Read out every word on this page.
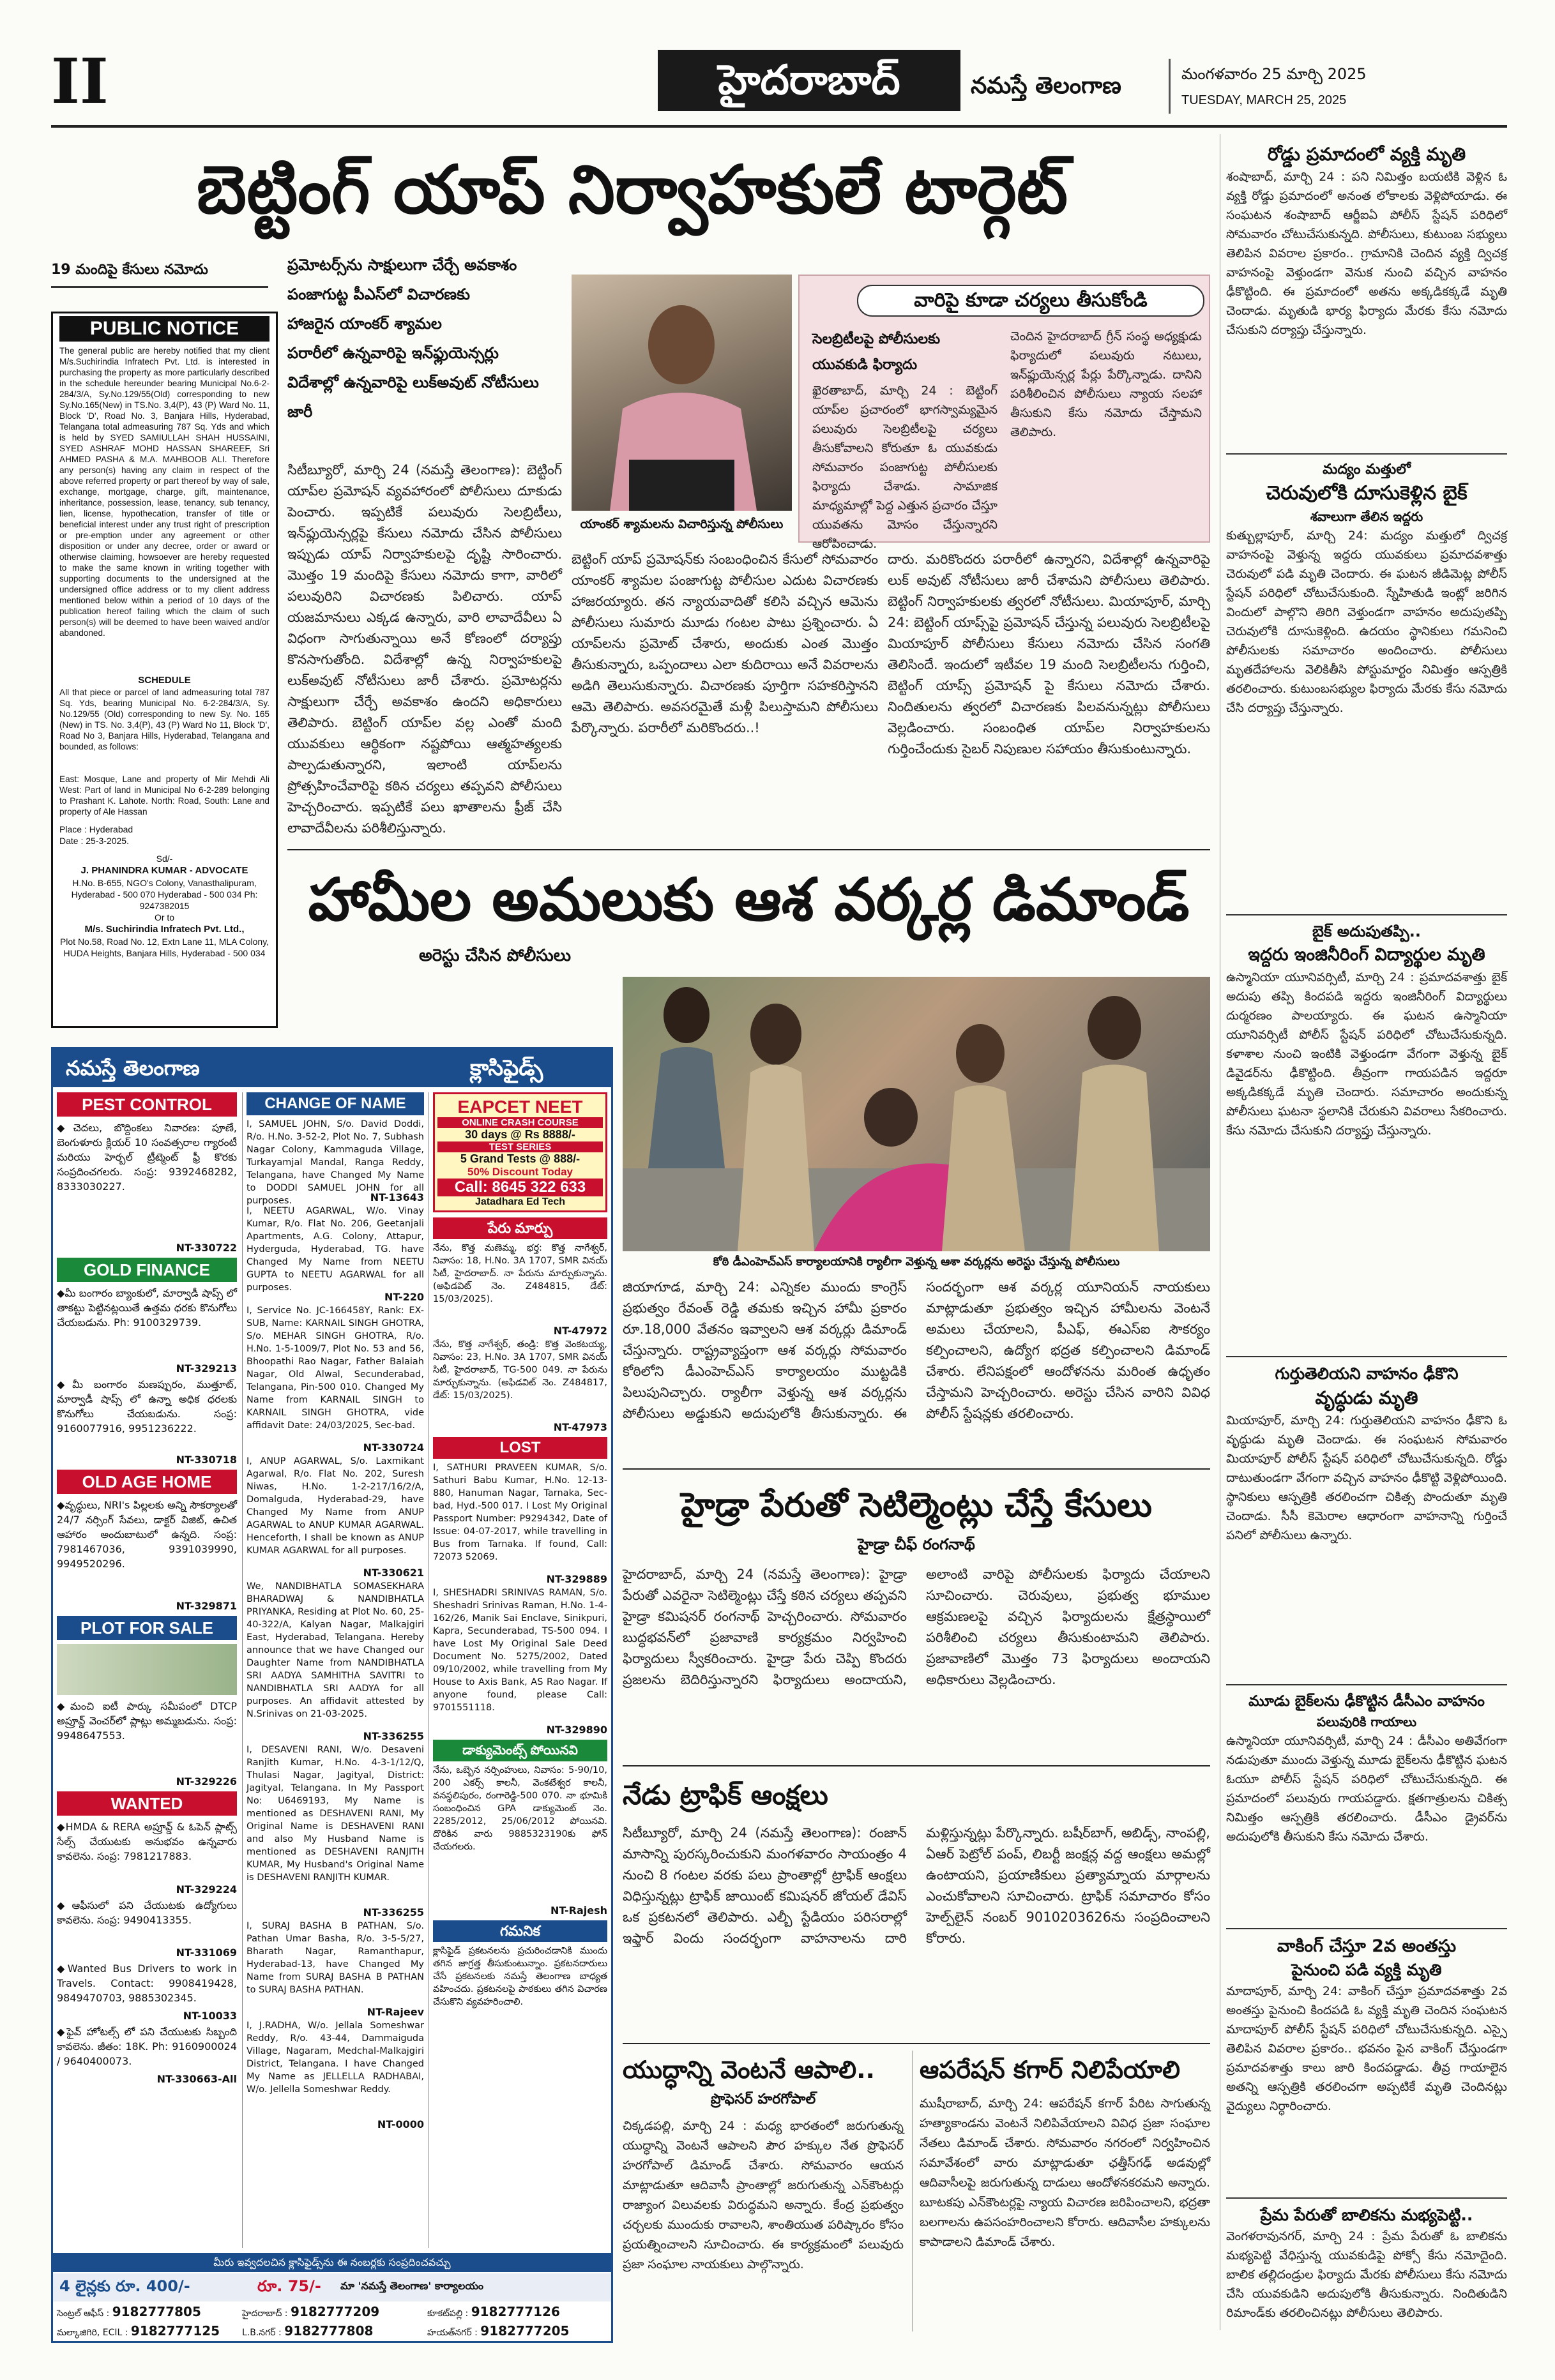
II	హైదరాబాద్	నమస్తే తెలంగాణ	మంగళవారం 25 మార్చి 2025
TUESDAY, MARCH 25, 2025
బెట్టింగ్ యాప్ నిర్వాహకులే టార్గెట్
19 మందిపై కేసులు నమోదు	ప్రమోటర్స్‌ను సాక్షులుగా చేర్చే అవకాశం
పంజాగుట్ట పీఎస్‌లో విచారణకు
హాజరైన యాంకర్ శ్యామల
పరారీలో ఉన్నవారిపై ఇన్‌ఫ్లుయెన్సర్లు
విదేశాల్లో ఉన్నవారిపై లుక్‌అవుట్ నోటీసులు జారీ
యాంకర్ శ్యామలను విచారిస్తున్న పోలీసులు
వారిపై కూడా చర్యలు తీసుకోండి
సెలబ్రిటీలపై పోలీసులకు యువకుడి ఫిర్యాదు
ఖైరతాబాద్, మార్చి 24 : బెట్టింగ్ యాప్‌ల ప్రచారంలో భాగస్వామ్యమైన పలువురు సెలబ్రిటీలపై చర్యలు తీసుకోవాలని కోరుతూ ఓ యువకుడు సోమవారం పంజాగుట్ట పోలీసులకు ఫిర్యాదు చేశాడు. సామాజిక మాధ్యమాల్లో పెద్ద ఎత్తున ప్రచారం చేస్తూ యువతను మోసం చేస్తున్నారని ఆరోపించాడు.
చెందిన హైదరాబాద్ గ్రీన్ సంస్థ అధ్యక్షుడు ఫిర్యాదులో పలువురు నటులు, ఇన్‌ఫ్లుయెన్సర్ల పేర్లు పేర్కొన్నాడు. దానిని పరిశీలించిన పోలీసులు న్యాయ సలహా తీసుకుని కేసు నమోదు చేస్తామని తెలిపారు.
సిటీబ్యూరో, మార్చి 24 (నమస్తే తెలంగాణ): బెట్టింగ్ యాప్‌ల ప్రమోషన్ వ్యవహారంలో పోలీసులు దూకుడు పెంచారు. ఇప్పటికే పలువురు సెలబ్రిటీలు, ఇన్‌ఫ్లుయెన్సర్లపై కేసులు నమోదు చేసిన పోలీసులు ఇప్పుడు యాప్ నిర్వాహకులపై దృష్టి సారించారు. మొత్తం 19 మందిపై కేసులు నమోదు కాగా, వారిలో పలువురిని విచారణకు పిలిచారు. యాప్ యజమానులు ఎక్కడ ఉన్నారు, వారి లావాదేవీలు ఏ విధంగా సాగుతున్నాయి అనే కోణంలో దర్యాప్తు కొనసాగుతోంది. విదేశాల్లో ఉన్న నిర్వాహకులపై లుక్‌అవుట్ నోటీసులు జారీ చేశారు. ప్రమోటర్లను సాక్షులుగా చేర్చే అవకాశం ఉందని అధికారులు తెలిపారు. బెట్టింగ్ యాప్‌ల వల్ల ఎంతో మంది యువకులు ఆర్థికంగా నష్టపోయి ఆత్మహత్యలకు పాల్పడుతున్నారని, ఇలాంటి యాప్‌లను ప్రోత్సహించేవారిపై కఠిన చర్యలు తప్పవని పోలీసులు హెచ్చరించారు. ఇప్పటికే పలు ఖాతాలను ఫ్రీజ్ చేసి లావాదేవీలను పరిశీలిస్తున్నారు.
బెట్టింగ్ యాప్ ప్రమోషన్‌కు సంబంధించిన కేసులో సోమవారం యాంకర్ శ్యామల పంజాగుట్ట పోలీసుల ఎదుట విచారణకు హాజరయ్యారు. తన న్యాయవాదితో కలిసి వచ్చిన ఆమెను పోలీసులు సుమారు మూడు గంటల పాటు ప్రశ్నించారు. ఏ యాప్‌లను ప్రమోట్ చేశారు, అందుకు ఎంత మొత్తం తీసుకున్నారు, ఒప్పందాలు ఎలా కుదిరాయి అనే వివరాలను అడిగి తెలుసుకున్నారు. విచారణకు పూర్తిగా సహకరిస్తానని ఆమె తెలిపారు. అవసరమైతే మళ్లీ పిలుస్తామని పోలీసులు పేర్కొన్నారు. పరారీలో మరికొందరు..!
దారు. మరికొందరు పరారీలో ఉన్నారని, విదేశాల్లో ఉన్నవారిపై లుక్ అవుట్ నోటీసులు జారీ చేశామని పోలీసులు తెలిపారు. బెట్టింగ్ నిర్వాహకులకు త్వరలో నోటీసులు. మియాపూర్, మార్చి 24: బెట్టింగ్ యాప్స్‌పై ప్రమోషన్ చేస్తున్న పలువురు సెలబ్రిటీలపై మియాపూర్ పోలీసులు కేసులు నమోదు చేసిన సంగతి తెలిసిందే. ఇందులో ఇటీవల 19 మంది సెలబ్రిటీలను గుర్తించి, బెట్టింగ్ యాప్స్ ప్రమోషన్ పై కేసులు నమోదు చేశారు. నిందితులను త్వరలో విచారణకు పిలవనున్నట్లు పోలీసులు వెల్లడించారు. సంబంధిత యాప్‌ల నిర్వాహకులను గుర్తించేందుకు సైబర్ నిపుణుల సహాయం తీసుకుంటున్నారు.
PUBLIC NOTICE
The general public are hereby notified that my client M/s.Suchirindia Infratech Pvt. Ltd. is interested in purchasing the property as more particularly described in the schedule hereunder bearing Municipal No.6-2-284/3/A, Sy.No.129/55(Old) corresponding to new Sy.No.165(New) in TS.No. 3,4(P), 43 (P) Ward No. 11, Block 'D', Road No. 3, Banjara Hills, Hyderabad, Telangana total admeasuring 787 Sq. Yds and which is held by SYED SAMIULLAH SHAH HUSSAINI, SYED ASHRAF MOHD HASSAN SHAREEF, Sri AHMED PASHA & M.A. MAHBOOB ALI. Therefore any person(s) having any claim in respect of the above referred property or part thereof by way of sale, exchange, mortgage, charge, gift, maintenance, inheritance, possession, lease, tenancy, sub tenancy, lien, license, hypothecation, transfer of title or beneficial interest under any trust right of prescription or pre-emption under any agreement or other disposition or under any decree, order or award or otherwise claiming, howsoever are hereby requested to make the same known in writing together with supporting documents to the undersigned at the undersigned office address or to my client address mentioned below within a period of 10 days of the publication hereof failing which the claim of such person(s) will be deemed to have been waived and/or abandoned.
SCHEDULE
All that piece or parcel of land admeasuring total 787 Sq. Yds, bearing Municipal No. 6-2-284/3/A, Sy. No.129/55 (Old) corresponding to new Sy. No. 165 (New) in TS. No. 3,4(P), 43 (P) Ward No 11, Block 'D', Road No 3, Banjara Hills, Hyderabad, Telangana and bounded, as follows:
East: Mosque, Lane and property of Mir Mehdi Ali West: Part of land in Municipal No 6-2-289 belonging to Prashant K. Lahote. North: Road, South: Lane and property of Ale Hassan
Place : Hyderabad
Date : 25-3-2025.
Sd/-
J. PHANINDRA KUMAR - ADVOCATE
H.No. B-655, NGO's Colony, Vanasthalipuram, Hyderabad - 500 070 Hyderabad - 500 034 Ph: 9247382015
Or to
M/s. Suchirindia Infratech Pvt. Ltd.,
Plot No.58, Road No. 12, Extn Lane 11, MLA Colony, HUDA Heights, Banjara Hills, Hyderabad - 500 034
హామీల అమలుకు ఆశ వర్కర్ల డిమాండ్
అరెస్టు చేసిన పోలీసులు
కోఠి డీఎంహెచ్ఎస్ కార్యాలయానికి ర్యాలీగా వెళ్తున్న ఆశా వర్కర్లను అరెస్టు చేస్తున్న పోలీసులు
జియాగూడ, మార్చి 24: ఎన్నికల ముందు కాంగ్రెస్ ప్రభుత్వం రేవంత్ రెడ్డి తమకు ఇచ్చిన హామీ ప్రకారం రూ.18,000 వేతనం ఇవ్వాలని ఆశ వర్కర్లు డిమాండ్ చేస్తున్నారు. రాష్ట్రవ్యాప్తంగా ఆశ వర్కర్లు సోమవారం కోఠిలోని డీఎంహెచ్ఎస్ కార్యాలయం ముట్టడికి పిలుపునిచ్చారు. ర్యాలీగా వెళ్తున్న ఆశ వర్కర్లను పోలీసులు అడ్డుకుని అదుపులోకి తీసుకున్నారు. ఈ సందర్భంగా ఆశ వర్కర్ల యూనియన్ నాయకులు మాట్లాడుతూ ప్రభుత్వం ఇచ్చిన హామీలను వెంటనే అమలు చేయాలని, పీఎఫ్, ఈఎస్ఐ సౌకర్యం కల్పించాలని, ఉద్యోగ భద్రత కల్పించాలని డిమాండ్ చేశారు. లేనిపక్షంలో ఆందోళనను మరింత ఉధృతం చేస్తామని హెచ్చరించారు. అరెస్టు చేసిన వారిని వివిధ పోలీస్ స్టేషన్లకు తరలించారు.
నమస్తే తెలంగాణ	క్లాసిఫైడ్స్
PEST CONTROL
◆చెదలు, బొద్దింకలు నివారణ: పూణే, బెంగుళూరు క్లియర్ 10 సంవత్సరాల గ్యారంటీ మరియు హెర్బల్ ట్రీట్మెంట్ ఫ్రీ కొరకు సంప్రదించగలరు. సంప్ర: 9392468282, 8333030227.
NT-330722
GOLD FINANCE
◆మీ బంగారం బ్యాంకులో, మార్వాడీ షాప్స్ లో తాకట్టు పెట్టినట్లయితే ఉత్తమ ధరకు కొనుగోలు చేయబడును. Ph: 9100329739.
NT-329213
◆మీ బంగారం మణప్పురం, ముత్తూట్, మార్వాడీ షాప్స్ లో ఉన్నా అధిక ధరలకు కొనుగోలు చేయబడును. సంప్ర: 9160077916, 9951236222.
NT-330718
OLD AGE HOME
◆వృద్ధులు, NRI's పిల్లలకు అన్ని సౌకర్యాలతో 24/7 నర్సింగ్ సేవలు, డాక్టర్ విజిట్, ఉచిత ఆహారం అందుబాటులో ఉన్నది. సంప్ర: 7981467036, 9391039990, 9949520296.
NT-329871
PLOT FOR SALE
◆మంచి ఐటీ పార్కు సమీపంలో DTCP అప్రూవ్డ్ వెంచర్‌లో ప్లాట్లు అమ్మబడును. సంప్ర: 9948647553.
NT-329226
WANTED
◆HMDA & RERA అప్రూవ్డ్ & ఓపెన్ ప్లాట్స్ సేల్స్ చేయుటకు అనుభవం ఉన్నవారు కావలెను. సంప్ర: 7981217883.
NT-329224
◆ఆఫీసులో పని చేయుటకు ఉద్యోగులు కావలెను. సంప్ర: 9490413355.
NT-331069
◆Wanted Bus Drivers to work in Travels. Contact: 9908419428, 9849470703, 9885302345.
NT-10033
◆ఫైవ్ హోటల్స్ లో పని చేయుటకు సిబ్బంది కావలెను. జీతం: 18K. Ph: 9160900024 / 9640400073.
NT-330663-All
CHANGE OF NAME
I, SAMUEL JOHN, S/o. David Doddi, R/o. H.No. 3-52-2, Plot No. 7, Subhash Nagar Colony, Kammaguda Village, Turkayamjal Mandal, Ranga Reddy, Telangana, have Changed My Name to DODDI SAMUEL JOHN for all purposes.	NT-13643
I, NEETU AGARWAL, W/o. Vinay Kumar, R/o. Flat No. 206, Geetanjali Apartments, A.G. Colony, Attapur, Hyderguda, Hyderabad, TG. have Changed My Name from NEETU GUPTA to NEETU AGARWAL for all purposes.
NT-220
I, Service No. JC-166458Y, Rank: EX-SUB, Name: KARNAIL SINGH GHOTRA, S/o. MEHAR SINGH GHOTRA, R/o. H.No. 1-5-1009/7, Plot No. 53 and 56, Bhoopathi Rao Nagar, Father Balaiah Nagar, Old Alwal, Secunderabad, Telangana, Pin-500 010. Changed My Name from KARNAIL SINGH to KARNAIL SINGH GHOTRA, vide affidavit Date: 24/03/2025, Sec-bad.
NT-330724
I, ANUP AGARWAL, S/o. Laxmikant Agarwal, R/o. Flat No. 202, Suresh Niwas, H.No. 1-2-217/16/2/A, Domalguda, Hyderabad-29, have Changed My Name from ANUP AGARWAL to ANUP KUMAR AGARWAL. Henceforth, I shall be known as ANUP KUMAR AGARWAL for all purposes.
NT-330621
We, NANDIBHATLA SOMASEKHARA BHARADWAJ & NANDIBHATLA PRIYANKA, Residing at Plot No. 60, 25-40-322/A, Kalyan Nagar, Malkajgiri East, Hyderabad, Telangana. Hereby announce that we have Changed our Daughter Name from NANDIBHATLA SRI AADYA SAMHITHA SAVITRI to NANDIBHATLA SRI AADYA for all purposes. An affidavit attested by N.Srinivas on 21-03-2025.
NT-336255
I, DESAVENI RANI, W/o. Desaveni Ranjith Kumar, H.No. 4-3-1/12/Q, Thulasi Nagar, Jagityal, District: Jagityal, Telangana. In My Passport No: U6469193, My Name is mentioned as DESHAVENI RANI, My Original Name is DESHAVENI RANI and also My Husband Name is mentioned as DESHAVENI RANJITH KUMAR, My Husband's Original Name is DESHAVENI RANJITH KUMAR.
NT-336255
I, SURAJ BASHA B PATHAN, S/o. Pathan Umar Basha, R/o. 3-5-5/27, Bharath Nagar, Ramanthapur, Hyderabad-13, have Changed My Name from SURAJ BASHA B PATHAN to SURAJ BASHA PATHAN.
NT-Rajeev
I, J.RADHA, W/o. Jellala Someshwar Reddy, R/o. 43-44, Dammaiguda Village, Nagaram, Medchal-Malkajgiri District, Telangana. I have Changed My Name as JELLELLA RADHABAI, W/o. Jellella Someshwar Reddy.
NT-0000
EAPCET NEET
ONLINE CRASH COURSE
30 days @ Rs 8888/-
TEST SERIES
5 Grand Tests @ 888/-
50% Discount Today
Call: 8645 322 633
Jatadhara Ed Tech
పేరు మార్పు
నేను, కొత్త మణెమ్మ, భర్త: కొత్త నాగేశ్వర్, నివాసం: 18, H.No. 3A 1707, SMR వినయ్ సిటీ, హైదరాబాద్. నా పేరును మార్చుకున్నాను. (అఫిడవిట్ నెం. Z484815, డేట్: 15/03/2025).
NT-47972
నేను, కొత్త నాగేశ్వర్, తండ్రి: కొత్త వెంకటయ్య, నివాసం: 23, H.No. 3A 1707, SMR వినయ్ సిటీ, హైదరాబాద్, TG-500 049. నా పేరును మార్చుకున్నాను. (అఫిడవిట్ నెం. Z484817, డేట్: 15/03/2025).
NT-47973
LOST
I, SATHURI PRAVEEN KUMAR, S/o. Sathuri Babu Kumar, H.No. 12-13-880, Hanuman Nagar, Tarnaka, Sec-bad, Hyd.-500 017. I Lost My Original Passport Number: P9294342, Date of Issue: 04-07-2017, while travelling in Bus from Tarnaka. If found, Call: 72073 52069.
NT-329889
I, SHESHADRI SRINIVAS RAMAN, S/o. Sheshadri Srinivas Raman, H.No. 1-4-162/26, Manik Sai Enclave, Sinikpuri, Kapra, Secunderabad, TS-500 094. I have Lost My Original Sale Deed Document No. 5275/2002, Dated 09/10/2002, while travelling from My House to Axis Bank, AS Rao Nagar. If anyone found, please Call: 9701551118.
NT-329890
డాక్యుమెంట్స్ పోయినవి
నేను, ఒబ్బెన నర్సింహులు, నివాసం: 5-90/10, 200 ఎకర్స్ కాలనీ, వెంకటేశ్వర కాలనీ, వనస్థలిపురం, రంగారెడ్డి-500 070. నా భూమికి సంబంధించిన GPA డాక్యుమెంట్ నెం. 2285/2012, 25/06/2012 పోయినవి. దొరికిన వారు 9885323190కు ఫోన్ చేయగలరు.
NT-Rajesh
గమనిక
క్లాసిఫైడ్ ప్రకటనలను ప్రచురించడానికి ముందు తగిన జాగ్రత్త తీసుకుంటున్నాం. ప్రకటనదారులు చేసే ప్రకటనలకు నమస్తే తెలంగాణ బాధ్యత వహించదు. ప్రకటనలపై పాఠకులు తగిన విచారణ చేసుకొని వ్యవహరించాలి.
మీరు ఇవ్వదలచిన క్లాసిఫైడ్స్‌ను ఈ నంబర్లకు సంప్రదించవచ్చు
4 లైన్లకు రూ. 400/-	రూ. 75/-	మా 'నమస్తే తెలంగాణ' కార్యాలయం
సెంట్రల్ ఆఫీస్ : 9182777805	హైదరాబాద్ : 9182777209	కూకట్‌పల్లి : 9182777126
మల్కాజిగిరి, ECIL : 9182777125	L.B.నగర్ : 9182777808	హయత్‌నగర్ : 9182777205
హైడ్రా పేరుతో సెటిల్మెంట్లు చేస్తే కేసులు
హైడ్రా చీఫ్ రంగనాథ్
హైదరాబాద్, మార్చి 24 (నమస్తే తెలంగాణ): హైడ్రా పేరుతో ఎవరైనా సెటిల్మెంట్లు చేస్తే కఠిన చర్యలు తప్పవని హైడ్రా కమిషనర్ రంగనాథ్ హెచ్చరించారు. సోమవారం బుద్ధభవన్‌లో ప్రజావాణి కార్యక్రమం నిర్వహించి ఫిర్యాదులు స్వీకరించారు. హైడ్రా పేరు చెప్పి కొందరు ప్రజలను బెదిరిస్తున్నారని ఫిర్యాదులు అందాయని, అలాంటి వారిపై పోలీసులకు ఫిర్యాదు చేయాలని సూచించారు. చెరువులు, ప్రభుత్వ భూముల ఆక్రమణలపై వచ్చిన ఫిర్యాదులను క్షేత్రస్థాయిలో పరిశీలించి చర్యలు తీసుకుంటామని తెలిపారు. ప్రజావాణిలో మొత్తం 73 ఫిర్యాదులు అందాయని అధికారులు వెల్లడించారు.
నేడు ట్రాఫిక్ ఆంక్షలు
సిటీబ్యూరో, మార్చి 24 (నమస్తే తెలంగాణ): రంజాన్ మాసాన్ని పురస్కరించుకుని మంగళవారం సాయంత్రం 4 నుంచి 8 గంటల వరకు పలు ప్రాంతాల్లో ట్రాఫిక్ ఆంక్షలు విధిస్తున్నట్లు ట్రాఫిక్ జాయింట్ కమిషనర్ జోయల్ డేవిస్ ఒక ప్రకటనలో తెలిపారు. ఎల్బీ స్టేడియం పరిసరాల్లో ఇఫ్తార్ విందు సందర్భంగా వాహనాలను దారి మళ్లిస్తున్నట్లు పేర్కొన్నారు. బషీర్‌బాగ్, అబిడ్స్, నాంపల్లి, ఏఆర్ పెట్రోల్ పంప్, లిబర్టీ జంక్షన్ల వద్ద ఆంక్షలు అమల్లో ఉంటాయని, ప్రయాణికులు ప్రత్యామ్నాయ మార్గాలను ఎంచుకోవాలని సూచించారు. ట్రాఫిక్ సమాచారం కోసం హెల్ప్‌లైన్ నంబర్ 9010203626ను సంప్రదించాలని కోరారు.
యుద్ధాన్ని వెంటనే ఆపాలి..
ప్రొఫెసర్ హరగోపాల్
చిక్కడపల్లి, మార్చి 24 : మధ్య భారతంలో జరుగుతున్న యుద్ధాన్ని వెంటనే ఆపాలని పౌర హక్కుల నేత ప్రొఫెసర్ హరగోపాల్ డిమాండ్ చేశారు. సోమవారం ఆయన మాట్లాడుతూ ఆదివాసీ ప్రాంతాల్లో జరుగుతున్న ఎన్‌కౌంటర్లు రాజ్యాంగ విలువలకు విరుద్ధమని అన్నారు. కేంద్ర ప్రభుత్వం చర్చలకు ముందుకు రావాలని, శాంతియుత పరిష్కారం కోసం ప్రయత్నించాలని సూచించారు. ఈ కార్యక్రమంలో పలువురు ప్రజా సంఘాల నాయకులు పాల్గొన్నారు.
ఆపరేషన్ కగార్ నిలిపేయాలి
ముషీరాబాద్, మార్చి 24: ఆపరేషన్ కగార్ పేరిట సాగుతున్న హత్యాకాండను వెంటనే నిలిపివేయాలని వివిధ ప్రజా సంఘాల నేతలు డిమాండ్ చేశారు. సోమవారం నగరంలో నిర్వహించిన సమావేశంలో వారు మాట్లాడుతూ ఛత్తీస్‌గఢ్ అడవుల్లో ఆదివాసీలపై జరుగుతున్న దాడులు ఆందోళనకరమని అన్నారు. బూటకపు ఎన్‌కౌంటర్లపై న్యాయ విచారణ జరిపించాలని, భద్రతా బలగాలను ఉపసంహరించాలని కోరారు. ఆదివాసీల హక్కులను కాపాడాలని డిమాండ్ చేశారు.
రోడ్డు ప్రమాదంలో వ్యక్తి మృతి
శంషాబాద్, మార్చి 24 : పని నిమిత్తం బయటికి వెళ్లిన ఓ వ్యక్తి రోడ్డు ప్రమాదంలో అనంత లోకాలకు వెళ్లిపోయాడు. ఈ సంఘటన శంషాబాద్ ఆర్జీఐఏ పోలీస్ స్టేషన్ పరిధిలో సోమవారం చోటుచేసుకున్నది. పోలీసులు, కుటుంబ సభ్యులు తెలిపిన వివరాల ప్రకారం.. గ్రామానికి చెందిన వ్యక్తి ద్విచక్ర వాహనంపై వెళ్తుండగా వెనుక నుంచి వచ్చిన వాహనం ఢీకొట్టింది. ఈ ప్రమాదంలో అతను అక్కడికక్కడే మృతి చెందాడు. మృతుడి భార్య ఫిర్యాదు మేరకు కేసు నమోదు చేసుకుని దర్యాప్తు చేస్తున్నారు.
మద్యం మత్తులో
చెరువులోకి దూసుకెళ్లిన బైక్
శవాలుగా తేలిన ఇద్దరు
కుత్బుల్లాపూర్, మార్చి 24: మద్యం మత్తులో ద్విచక్ర వాహనంపై వెళ్తున్న ఇద్దరు యువకులు ప్రమాదవశాత్తు చెరువులో పడి మృతి చెందారు. ఈ ఘటన జీడిమెట్ల పోలీస్ స్టేషన్ పరిధిలో చోటుచేసుకుంది. స్నేహితుడి ఇంట్లో జరిగిన విందులో పాల్గొని తిరిగి వెళ్తుండగా వాహనం అదుపుతప్పి చెరువులోకి దూసుకెళ్లింది. ఉదయం స్థానికులు గమనించి పోలీసులకు సమాచారం అందించారు. పోలీసులు మృతదేహాలను వెలికితీసి పోస్టుమార్టం నిమిత్తం ఆస్పత్రికి తరలించారు. కుటుంబసభ్యుల ఫిర్యాదు మేరకు కేసు నమోదు చేసి దర్యాప్తు చేస్తున్నారు.
బైక్ అదుపుతప్పి..
ఇద్దరు ఇంజినీరింగ్ విద్యార్థుల మృతి
ఉస్మానియా యూనివర్సిటీ, మార్చి 24 : ప్రమాదవశాత్తు బైక్ అదుపు తప్పి కిందపడి ఇద్దరు ఇంజినీరింగ్ విద్యార్థులు దుర్మరణం పాలయ్యారు. ఈ ఘటన ఉస్మానియా యూనివర్సిటీ పోలీస్ స్టేషన్ పరిధిలో చోటుచేసుకున్నది. కళాశాల నుంచి ఇంటికి వెళ్తుండగా వేగంగా వెళ్తున్న బైక్ డివైడర్‌ను ఢీకొట్టింది. తీవ్రంగా గాయపడిన ఇద్దరూ అక్కడికక్కడే మృతి చెందారు. సమాచారం అందుకున్న పోలీసులు ఘటనా స్థలానికి చేరుకుని వివరాలు సేకరించారు. కేసు నమోదు చేసుకుని దర్యాప్తు చేస్తున్నారు.
గుర్తుతెలియని వాహనం ఢీకొని
వృద్ధుడు మృతి
మియాపూర్, మార్చి 24: గుర్తుతెలియని వాహనం ఢీకొని ఓ వృద్ధుడు మృతి చెందాడు. ఈ సంఘటన సోమవారం మియాపూర్ పోలీస్ స్టేషన్ పరిధిలో చోటుచేసుకున్నది. రోడ్డు దాటుతుండగా వేగంగా వచ్చిన వాహనం ఢీకొట్టి వెళ్లిపోయింది. స్థానికులు ఆస్పత్రికి తరలించగా చికిత్స పొందుతూ మృతి చెందాడు. సీసీ కెమెరాల ఆధారంగా వాహనాన్ని గుర్తించే పనిలో పోలీసులు ఉన్నారు.
మూడు బైక్‌లను ఢీకొట్టిన డీసీఎం వాహనం
పలువురికి గాయాలు
ఉస్మానియా యూనివర్సిటీ, మార్చి 24 : డీసీఎం అతివేగంగా నడుపుతూ ముందు వెళ్తున్న మూడు బైక్‌లను ఢీకొట్టిన ఘటన ఓయూ పోలీస్ స్టేషన్ పరిధిలో చోటుచేసుకున్నది. ఈ ప్రమాదంలో పలువురు గాయపడ్డారు. క్షతగాత్రులను చికిత్స నిమిత్తం ఆస్పత్రికి తరలించారు. డీసీఎం డ్రైవర్‌ను అదుపులోకి తీసుకుని కేసు నమోదు చేశారు.
వాకింగ్ చేస్తూ 2వ అంతస్తు
పైనుంచి పడి వ్యక్తి మృతి
మాదాపూర్, మార్చి 24: వాకింగ్ చేస్తూ ప్రమాదవశాత్తు 2వ అంతస్తు పైనుంచి కిందపడి ఓ వ్యక్తి మృతి చెందిన సంఘటన మాదాపూర్ పోలీస్ స్టేషన్ పరిధిలో చోటుచేసుకున్నది. ఎస్సై తెలిపిన వివరాల ప్రకారం.. భవనం పైన వాకింగ్ చేస్తుండగా ప్రమాదవశాత్తు కాలు జారి కిందపడ్డాడు. తీవ్ర గాయాలైన అతన్ని ఆస్పత్రికి తరలించగా అప్పటికే మృతి చెందినట్లు వైద్యులు నిర్ధారించారు.
ప్రేమ పేరుతో బాలికను మభ్యపెట్టి..
వెంగళరావునగర్, మార్చి 24 : ప్రేమ పేరుతో ఓ బాలికను మభ్యపెట్టి వేధిస్తున్న యువకుడిపై పోక్సో కేసు నమోదైంది. బాలిక తల్లిదండ్రుల ఫిర్యాదు మేరకు పోలీసులు కేసు నమోదు చేసి యువకుడిని అదుపులోకి తీసుకున్నారు. నిందితుడిని రిమాండ్‌కు తరలించినట్లు పోలీసులు తెలిపారు.
